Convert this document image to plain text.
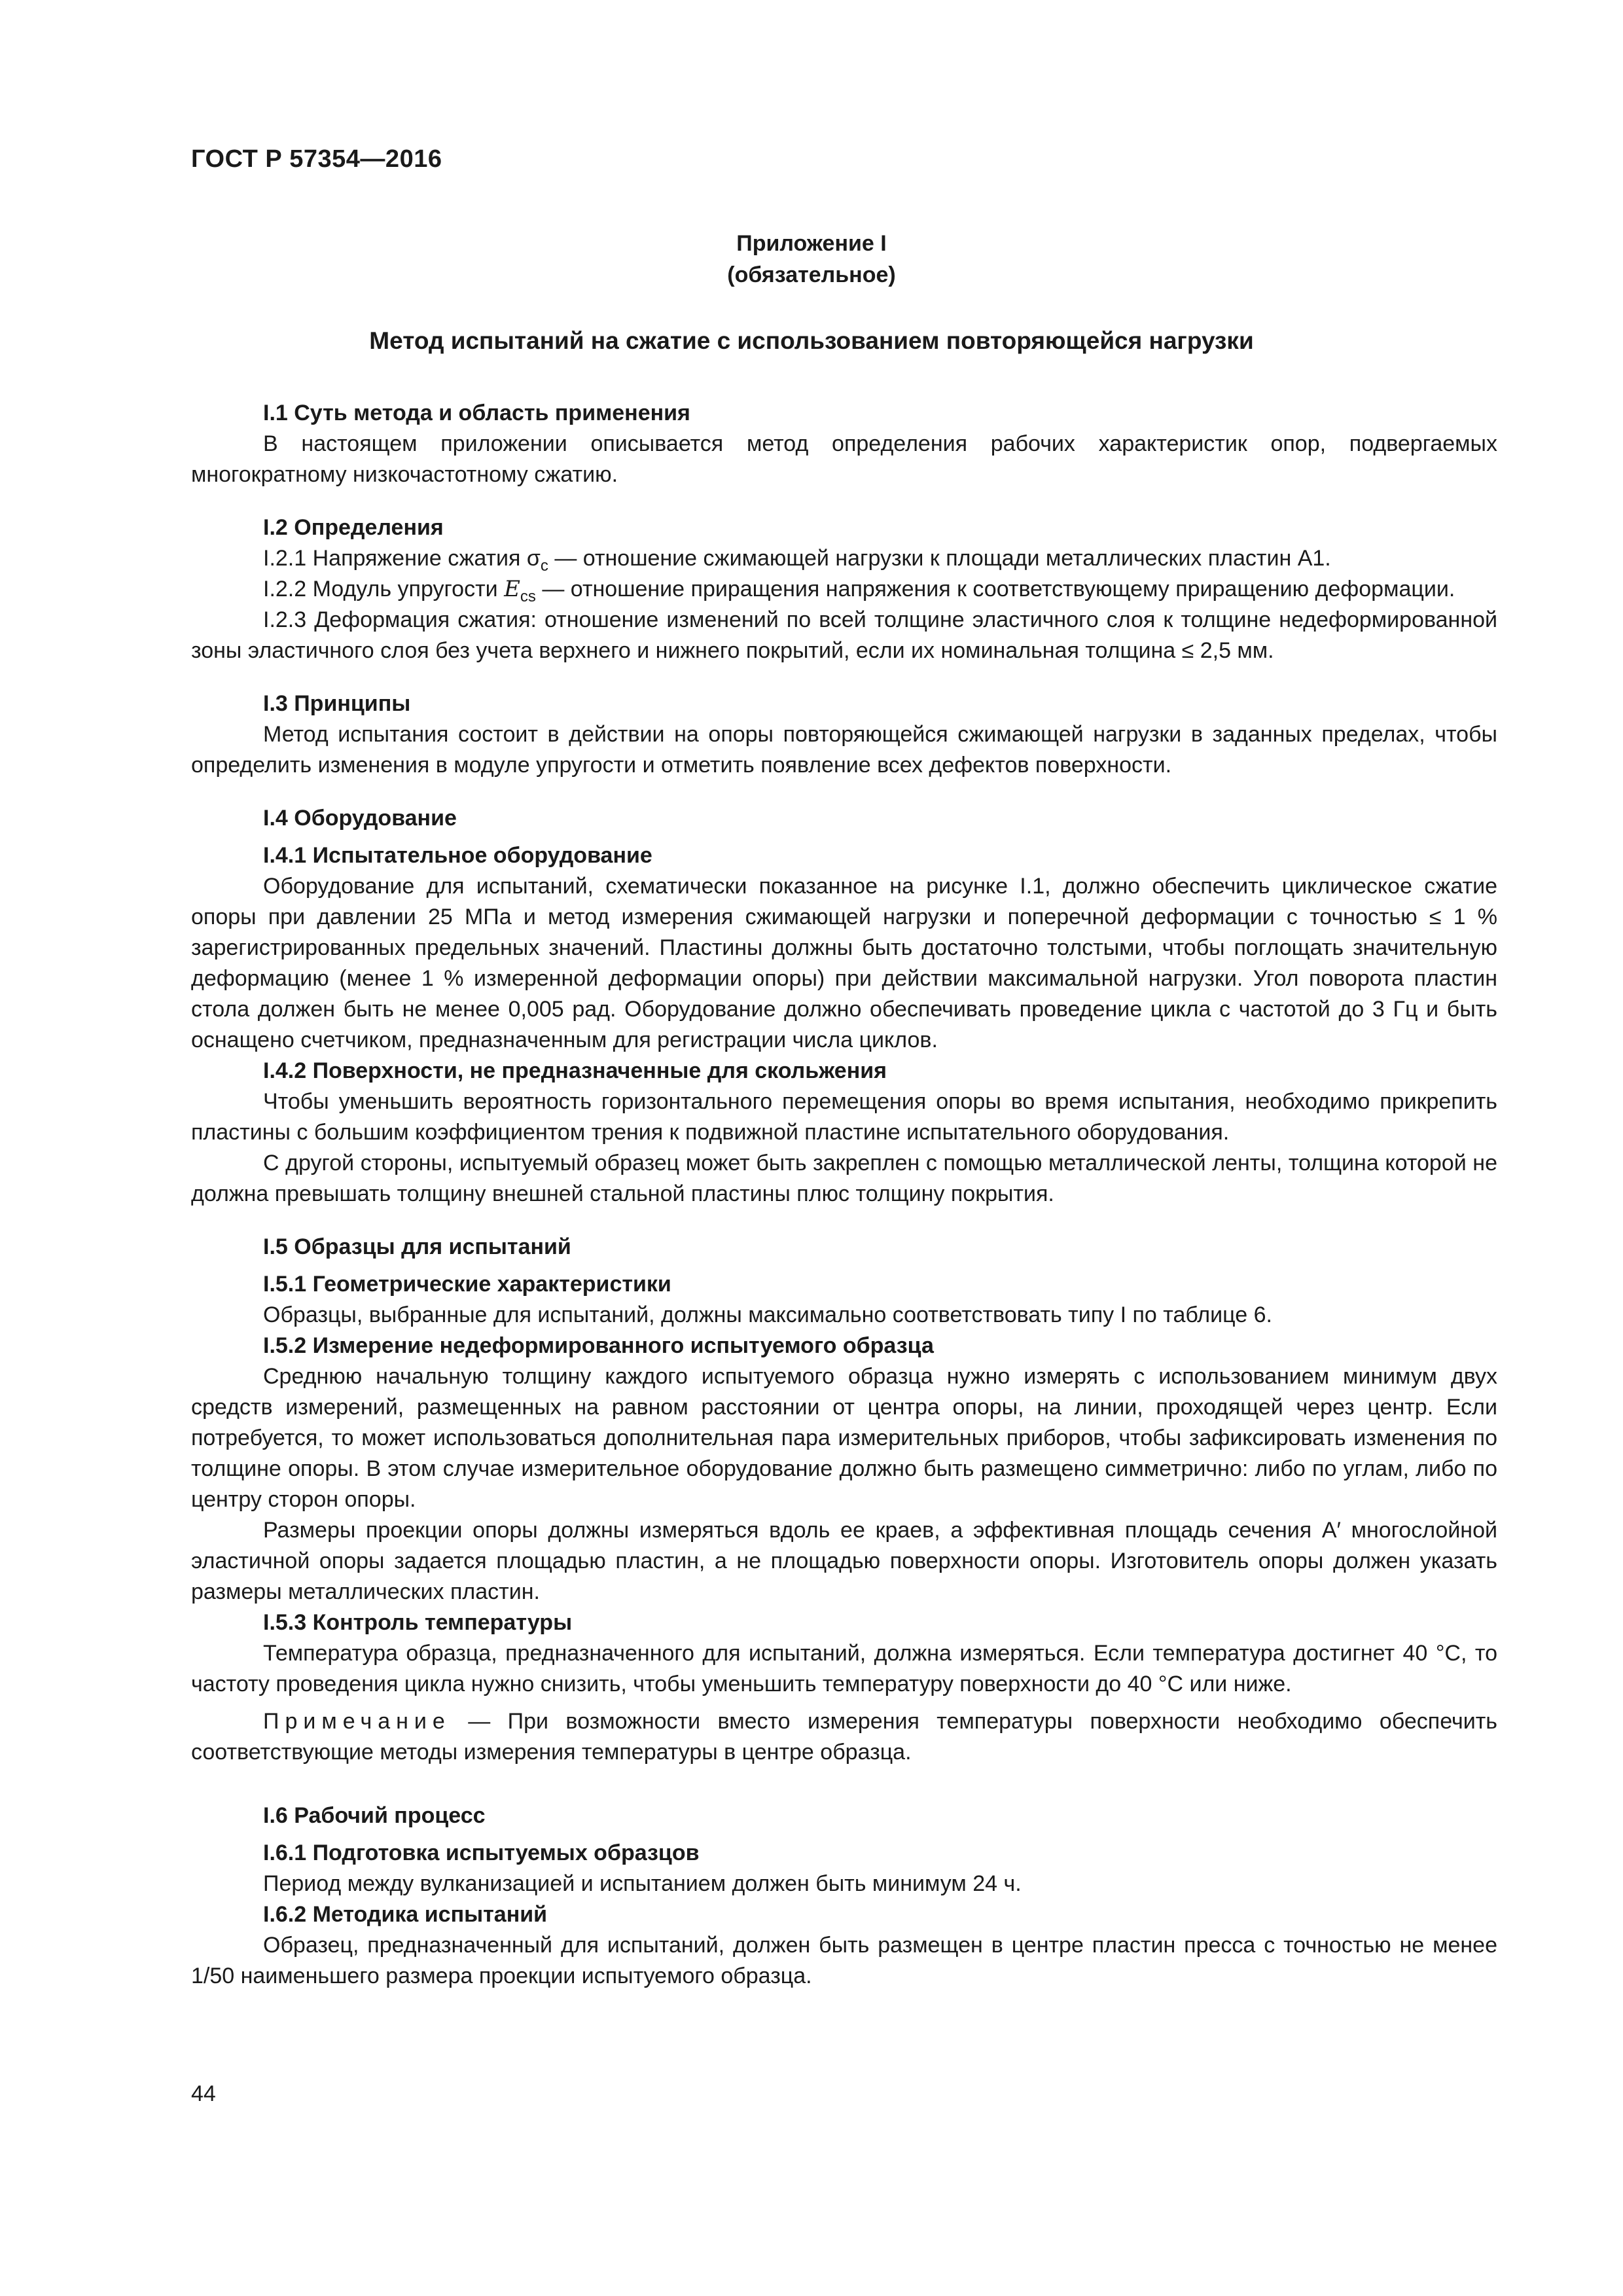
ГОСТ Р 57354—2016
Приложение I
(обязательное)
Метод испытаний на сжатие с использованием повторяющейся нагрузки
I.1 Суть метода и область применения

В настоящем приложении описывается метод определения рабочих характеристик опор, подвергаемых многократному низкочастотному сжатию.

I.2 Определения

I.2.1 Напряжение сжатия $\sigma_c$ — отношение сжимающей нагрузки к площади металлических пластин A1.

I.2.2 Модуль упругости $E_{cs}$ — отношение приращения напряжения к соответствующему приращению деформации.

I.2.3 Деформация сжатия: отношение изменений по всей толщине эластичного слоя к толщине недеформированной зоны эластичного слоя без учета верхнего и нижнего покрытий, если их номинальная толщина ≤ 2,5 мм.

I.3 Принципы

Метод испытания состоит в действии на опоры повторяющейся сжимающей нагрузки в заданных пределах, чтобы определить изменения в модуле упругости и отметить появление всех дефектов поверхности.

I.4 Оборудование
I.4.1 Испытательное оборудование

Оборудование для испытаний, схематически показанное на рисунке I.1, должно обеспечить циклическое сжатие опоры при давлении 25 МПа и метод измерения сжимающей нагрузки и поперечной деформации с точностью ≤ 1 % зарегистрированных предельных значений. Пластины должны быть достаточно толстыми, чтобы поглощать значительную деформацию (менее 1 % измеренной деформации опоры) при действии максимальной нагрузки. Угол поворота пластин стола должен быть не менее 0,005 рад. Оборудование должно обеспечивать проведение цикла с частотой до 3 Гц и быть оснащено счетчиком, предназначенным для регистрации числа циклов.

I.4.2 Поверхности, не предназначенные для скольжения

Чтобы уменьшить вероятность горизонтального перемещения опоры во время испытания, необходимо прикрепить пластины с большим коэффициентом трения к подвижной пластине испытательного оборудования.

С другой стороны, испытуемый образец может быть закреплен с помощью металлической ленты, толщина которой не должна превышать толщину внешней стальной пластины плюс толщину покрытия.

I.5 Образцы для испытаний
I.5.1 Геометрические характеристики

Образцы, выбранные для испытаний, должны максимально соответствовать типу I по таблице 6.

I.5.2 Измерение недеформированного испытуемого образца

Среднюю начальную толщину каждого испытуемого образца нужно измерять с использованием минимум двух средств измерений, размещенных на равном расстоянии от центра опоры, на линии, проходящей через центр. Если потребуется, то может использоваться дополнительная пара измерительных приборов, чтобы зафиксировать изменения по толщине опоры. В этом случае измерительное оборудование должно быть размещено симметрично: либо по углам, либо по центру сторон опоры.

Размеры проекции опоры должны измеряться вдоль ее краев, а эффективная площадь сечения A′ многослойной эластичной опоры задается площадью пластин, а не площадью поверхности опоры. Изготовитель опоры должен указать размеры металлических пластин.

I.5.3 Контроль температуры

Температура образца, предназначенного для испытаний, должна измеряться. Если температура достигнет 40 °С, то частоту проведения цикла нужно снизить, чтобы уменьшить температуру поверхности до 40 °С или ниже.

Примечание — При возможности вместо измерения температуры поверхности необходимо обеспечить соответствующие методы измерения температуры в центре образца.

I.6 Рабочий процесс
I.6.1 Подготовка испытуемых образцов

Период между вулканизацией и испытанием должен быть минимум 24 ч.

I.6.2 Методика испытаний

Образец, предназначенный для испытаний, должен быть размещен в центре пластин пресса с точностью не менее 1/50 наименьшего размера проекции испытуемого образца.

44
